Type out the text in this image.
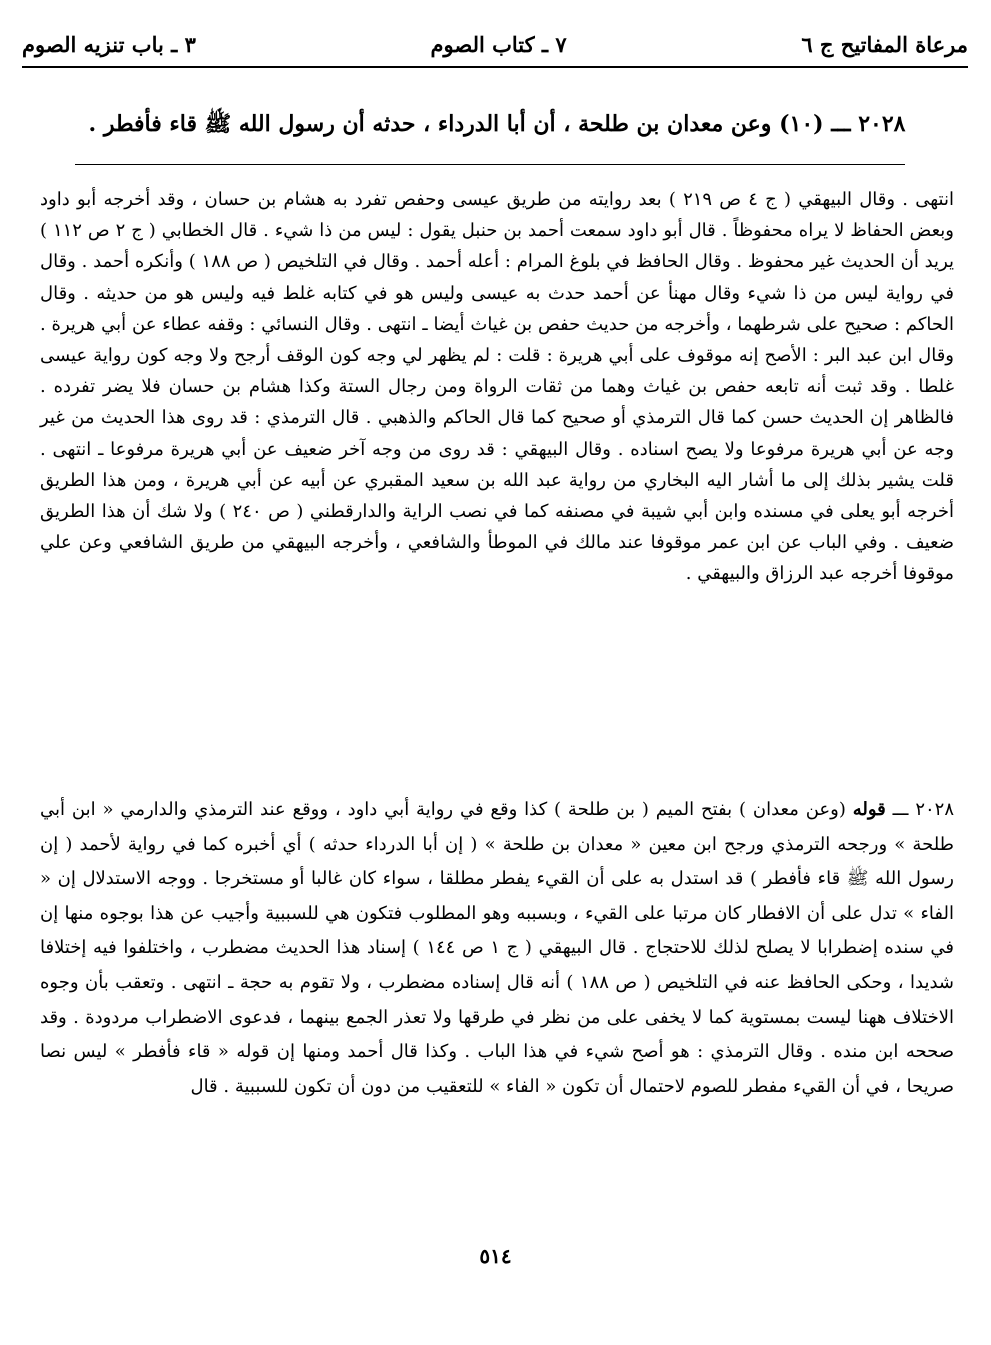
مرعاة المفاتيح ج ٦
٧ ـ كتاب الصوم
٣ ـ باب تنزيه الصوم
٢٠٢٨ ـــ (١٠) وعن معدان بن طلحة ، أن أبا الدرداء ، حدثه أن رسول الله ﷺ قاء فأفطر .

انتهى . وقال البيهقي ( ج ٤ ص ٢١٩ ) بعد روايته من طريق عيسى وحفص تفرد به هشام بن حسان ، وقد أخرجه أبو داود وبعض الحفاظ لا يراه محفوظاً . قال أبو داود سمعت أحمد بن حنبل يقول : ليس من ذا شيء . قال الخطابي ( ج ٢ ص ١١٢ ) يريد أن الحديث غير محفوظ . وقال الحافظ في بلوغ المرام : أعله أحمد . وقال في التلخيص ( ص ١٨٨ ) وأنكره أحمد . وقال في رواية ليس من ذا شيء وقال مهنأ عن أحمد حدث به عيسى وليس هو في كتابه غلط فيه وليس هو من حديثه . وقال الحاكم : صحيح على شرطهما ، وأخرجه من حديث حفص بن غياث أيضا ـ انتهى . وقال النسائي : وقفه عطاء عن أبي هريرة . وقال ابن عبد البر : الأصح إنه موقوف على أبي هريرة : قلت : لم يظهر لي وجه كون الوقف أرجح ولا وجه كون رواية عيسى غلطا . وقد ثبت أنه تابعه حفص بن غياث وهما من ثقات الرواة ومن رجال الستة وكذا هشام بن حسان فلا يضر تفرده . فالظاهر إن الحديث حسن كما قال الترمذي أو صحيح كما قال الحاكم والذهبي . قال الترمذي : قد روى هذا الحديث من غير وجه عن أبي هريرة مرفوعا ولا يصح اسناده . وقال البيهقي : قد روى من وجه آخر ضعيف عن أبي هريرة مرفوعا ـ انتهى . قلت يشير بذلك إلى ما أشار اليه البخاري من رواية عبد الله بن سعيد المقبري عن أبيه عن أبي هريرة ، ومن هذا الطريق أخرجه أبو يعلى في مسنده وابن أبي شيبة في مصنفه كما في نصب الراية والدارقطني ( ص ٢٤٠ ) ولا شك أن هذا الطريق ضعيف . وفي الباب عن ابن عمر موقوفا عند مالك في الموطأ والشافعي ، وأخرجه البيهقي من طريق الشافعي وعن علي موقوفا أخرجه عبد الرزاق والبيهقي .

٢٠٢٨ ـــ قوله (وعن معدان ) بفتح الميم ( بن طلحة ) كذا وقع في رواية أبي داود ، ووقع عند الترمذي والدارمي « ابن أبي طلحة » ورجحه الترمذي ورجح ابن معين « معدان بن طلحة » ( إن أبا الدرداء حدثه ) أي أخبره كما في رواية لأحمد ( إن رسول الله ﷺ قاء فأفطر ) قد استدل به على أن القيء يفطر مطلقا ، سواء كان غالبا أو مستخرجا . ووجه الاستدلال إن « الفاء » تدل على أن الافطار كان مرتبا على القيء ، وبسببه وهو المطلوب فتكون هي للسببية وأجيب عن هذا بوجوه منها إن في سنده إضطرابا لا يصلح لذلك للاحتجاج . قال البيهقي ( ج ١ ص ١٤٤ ) إسناد هذا الحديث مضطرب ، واختلفوا فيه إختلافا شديدا ، وحكى الحافظ عنه في التلخيص ( ص ١٨٨ ) أنه قال إسناده مضطرب ، ولا تقوم به حجة ـ انتهى . وتعقب بأن وجوه الاختلاف ههنا ليست بمستوية كما لا يخفى على من نظر في طرقها ولا تعذر الجمع بينهما ، فدعوى الاضطراب مردودة . وقد صححه ابن منده . وقال الترمذي : هو أصح شيء في هذا الباب . وكذا قال أحمد ومنها إن قوله « قاء فأفطر » ليس نصا صريحا ، في أن القيء مفطر للصوم لاحتمال أن تكون « الفاء » للتعقيب من دون أن تكون للسببية . قال

٥١٤
